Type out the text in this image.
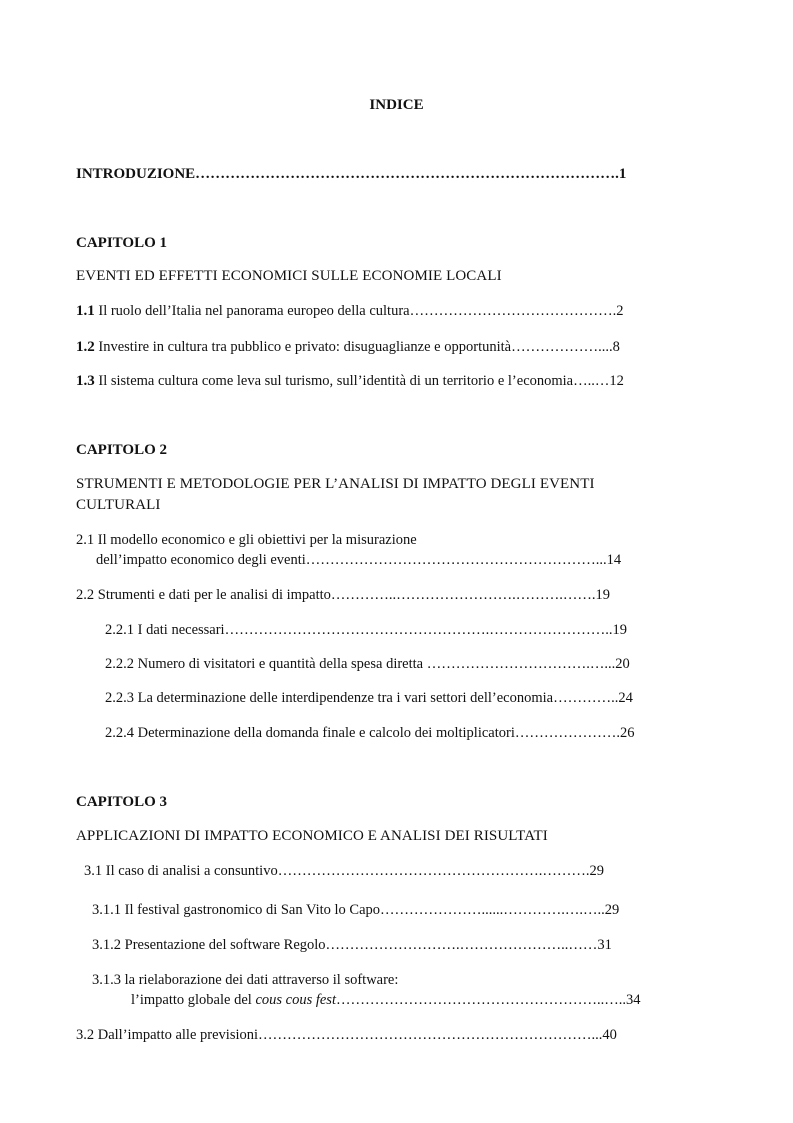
INDICE
INTRODUZIONE………………………………………………………………………….1
CAPITOLO 1
EVENTI ED EFFETTI ECONOMICI SULLE ECONOMIE LOCALI
1.1 Il ruolo dell’Italia nel panorama europeo della cultura…………………………………….2
1.2 Investire in cultura tra pubblico e privato: disuguaglianze e opportunità………………....8
1.3 Il sistema cultura come leva sul turismo, sull’identità di un territorio e l’economia…..…12
CAPITOLO 2
STRUMENTI E METODOLOGIE PER L’ANALISI DI IMPATTO DEGLI EVENTI
CULTURALI
2.1 Il modello economico e gli obiettivi per la misurazione
dell’impatto economico degli eventi……………………………………………………...14
2.2 Strumenti e dati per le analisi di impatto…………..…………………….……….…….19
2.2.1 I dati necessari……………………………………………….……………………..19
2.2.2 Numero di visitatori e quantità della spesa diretta …………………………….…...20
2.2.3 La determinazione delle interdipendenze tra i vari settori dell’economia…………..24
2.2.4 Determinazione della domanda finale e calcolo dei moltiplicatori………………….26
CAPITOLO 3
APPLICAZIONI DI IMPATTO ECONOMICO E ANALISI DEI RISULTATI
3.1 Il caso di analisi a consuntivo……………………………………………….……….29
3.1.1 Il festival gastronomico di San Vito lo Capo…………………......………….….…..29
3.1.2 Presentazione del software Regolo……………………….…………………..……31
3.1.3 la rielaborazione dei dati attraverso il software:
l’impatto globale del cous cous fest………………………………………………..…..34
3.2 Dall’impatto alle previsioni……………………………………………………………...40
